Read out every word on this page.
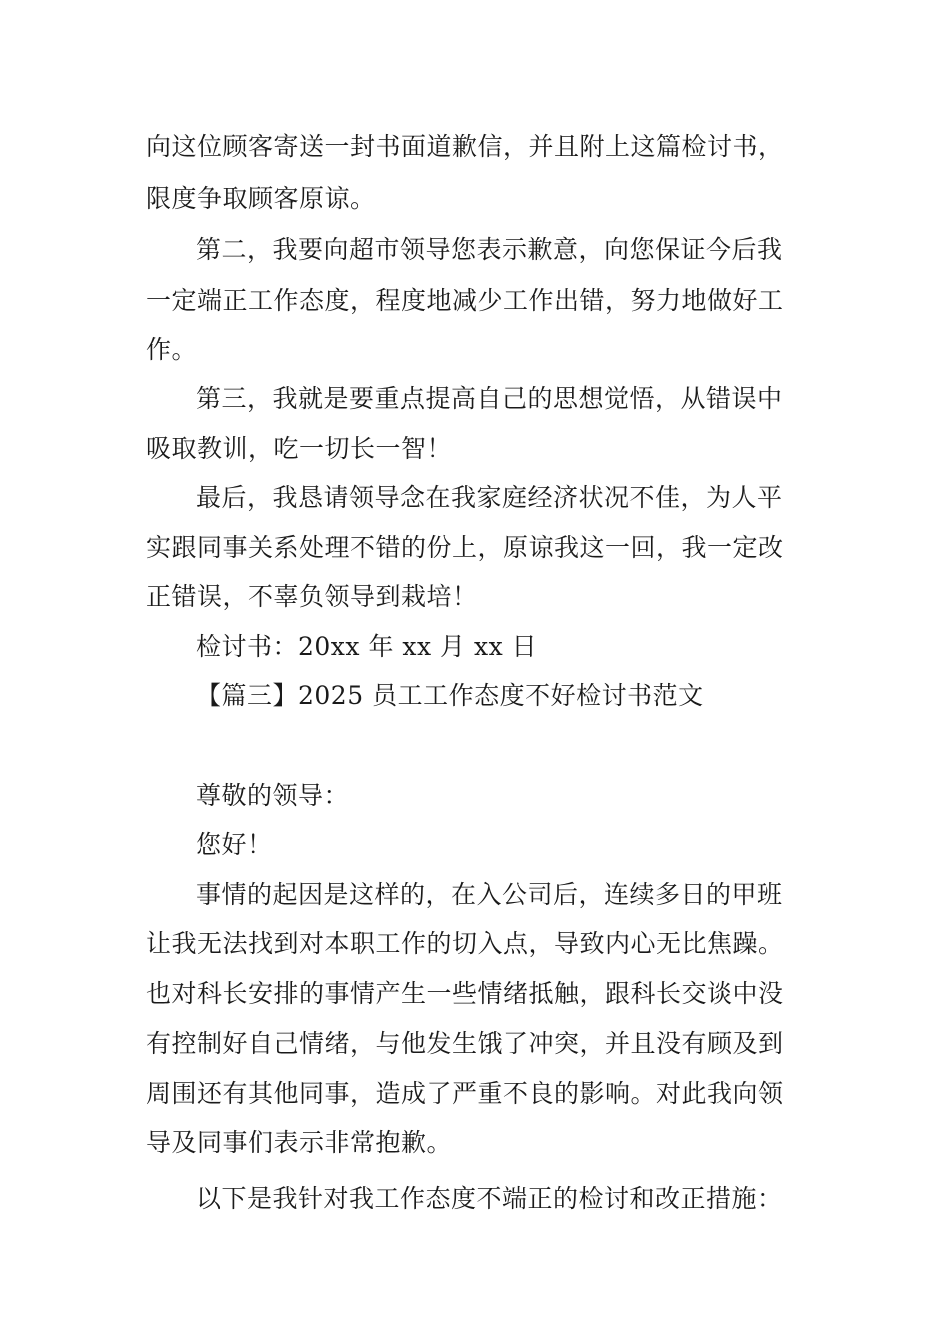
向这位顾客寄送一封书面道歉信，并且附上这篇检讨书，
限度争取顾客原谅。
第二，我要向超市领导您表示歉意，向您保证今后我
一定端正工作态度，程度地减少工作出错，努力地做好工
作。
第三，我就是要重点提高自己的思想觉悟，从错误中
吸取教训，吃一切长一智！
最后，我恳请领导念在我家庭经济状况不佳，为人平
实跟同事关系处理不错的份上，原谅我这一回，我一定改
正错误，不辜负领导到栽培！
检讨书：20xx 年 xx 月 xx 日
【篇三】2025 员工工作态度不好检讨书范文
尊敬的领导：
您好！
事情的起因是这样的，在入公司后，连续多日的甲班
让我无法找到对本职工作的切入点，导致内心无比焦躁。
也对科长安排的事情产生一些情绪抵触，跟科长交谈中没
有控制好自己情绪，与他发生饿了冲突，并且没有顾及到
周围还有其他同事，造成了严重不良的影响。对此我向领
导及同事们表示非常抱歉。
以下是我针对我工作态度不端正的检讨和改正措施：
